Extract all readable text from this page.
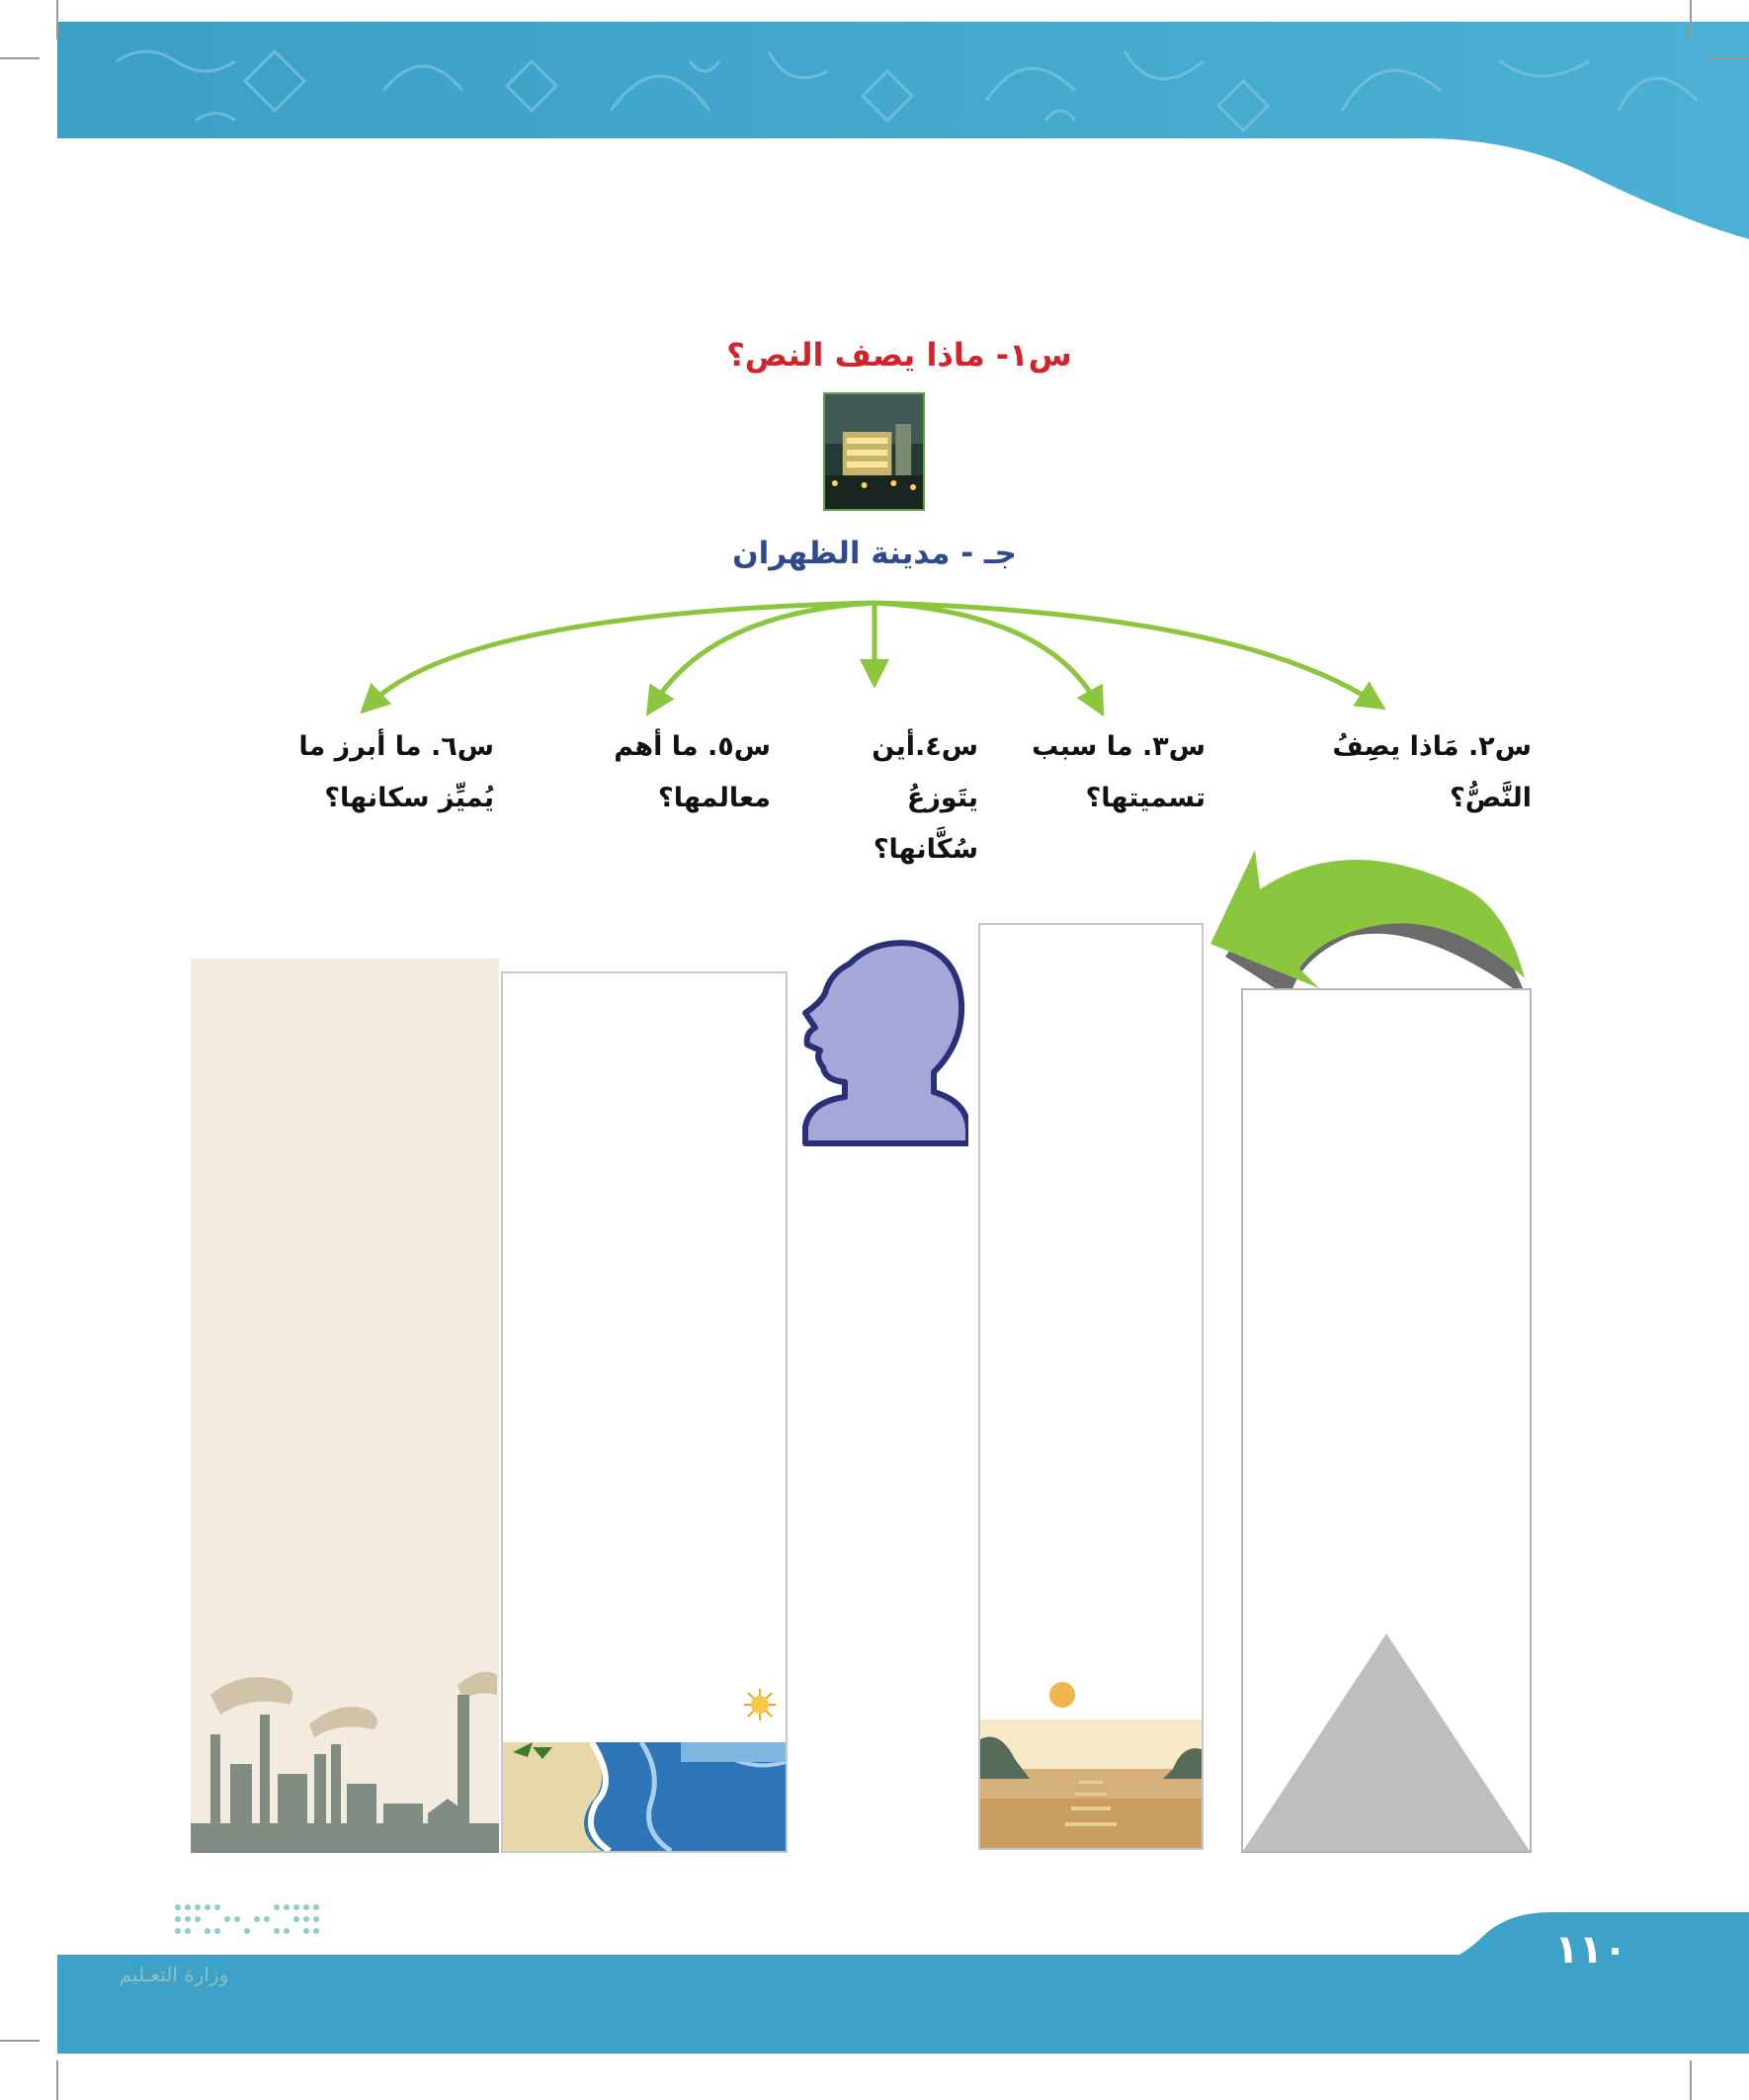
س١- ماذا يصف النص؟
جـ - مدينة الظهران
س٢. مَاذا يصِفُ النَّصُّ؟
س٣. ما سبب تسميتها؟
س٤.أين يتَوزعُ سُكَّانها؟
س٥. ما أهم معالمها؟
س٦. ما أبرز ما يُميِّز سكانها؟
١١٠
وزارة التعـليم
